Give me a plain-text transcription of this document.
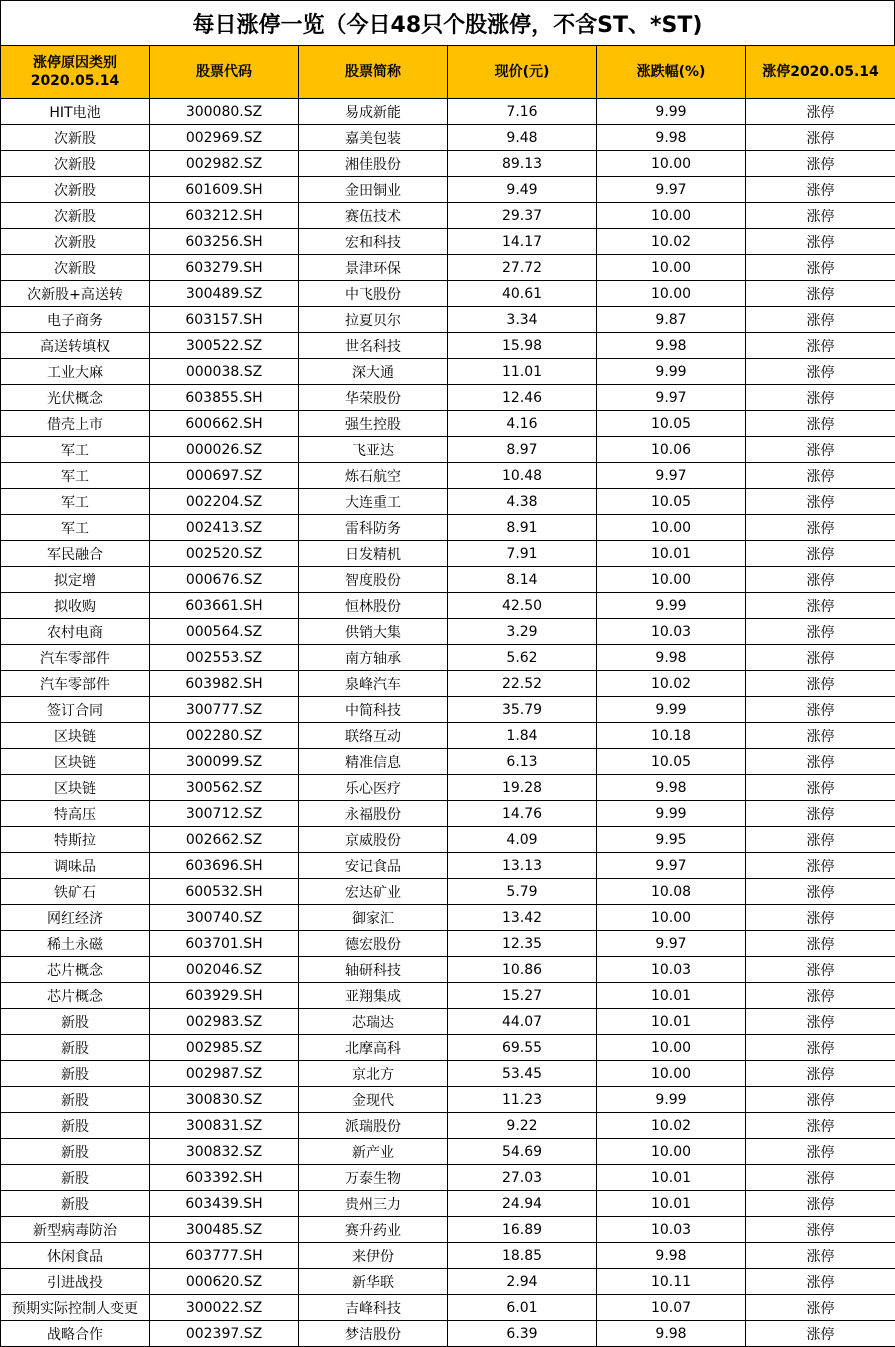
每日涨停一览（今日48只个股涨停，不含ST、*ST)
涨停原因类别
2020.05.14	股票代码	股票简称	现价(元)	涨跌幅(%)	涨停2020.05.14
HIT电池	300080.SZ	易成新能	7.16	9.99	涨停
次新股	002969.SZ	嘉美包装	9.48	9.98	涨停
次新股	002982.SZ	湘佳股份	89.13	10.00	涨停
次新股	601609.SH	金田铜业	9.49	9.97	涨停
次新股	603212.SH	赛伍技术	29.37	10.00	涨停
次新股	603256.SH	宏和科技	14.17	10.02	涨停
次新股	603279.SH	景津环保	27.72	10.00	涨停
次新股+高送转	300489.SZ	中飞股份	40.61	10.00	涨停
电子商务	603157.SH	拉夏贝尔	3.34	9.87	涨停
高送转填权	300522.SZ	世名科技	15.98	9.98	涨停
工业大麻	000038.SZ	深大通	11.01	9.99	涨停
光伏概念	603855.SH	华荣股份	12.46	9.97	涨停
借壳上市	600662.SH	强生控股	4.16	10.05	涨停
军工	000026.SZ	飞亚达	8.97	10.06	涨停
军工	000697.SZ	炼石航空	10.48	9.97	涨停
军工	002204.SZ	大连重工	4.38	10.05	涨停
军工	002413.SZ	雷科防务	8.91	10.00	涨停
军民融合	002520.SZ	日发精机	7.91	10.01	涨停
拟定增	000676.SZ	智度股份	8.14	10.00	涨停
拟收购	603661.SH	恒林股份	42.50	9.99	涨停
农村电商	000564.SZ	供销大集	3.29	10.03	涨停
汽车零部件	002553.SZ	南方轴承	5.62	9.98	涨停
汽车零部件	603982.SH	泉峰汽车	22.52	10.02	涨停
签订合同	300777.SZ	中简科技	35.79	9.99	涨停
区块链	002280.SZ	联络互动	1.84	10.18	涨停
区块链	300099.SZ	精准信息	6.13	10.05	涨停
区块链	300562.SZ	乐心医疗	19.28	9.98	涨停
特高压	300712.SZ	永福股份	14.76	9.99	涨停
特斯拉	002662.SZ	京威股份	4.09	9.95	涨停
调味品	603696.SH	安记食品	13.13	9.97	涨停
铁矿石	600532.SH	宏达矿业	5.79	10.08	涨停
网红经济	300740.SZ	御家汇	13.42	10.00	涨停
稀土永磁	603701.SH	德宏股份	12.35	9.97	涨停
芯片概念	002046.SZ	轴研科技	10.86	10.03	涨停
芯片概念	603929.SH	亚翔集成	15.27	10.01	涨停
新股	002983.SZ	芯瑞达	44.07	10.01	涨停
新股	002985.SZ	北摩高科	69.55	10.00	涨停
新股	002987.SZ	京北方	53.45	10.00	涨停
新股	300830.SZ	金现代	11.23	9.99	涨停
新股	300831.SZ	派瑞股份	9.22	10.02	涨停
新股	300832.SZ	新产业	54.69	10.00	涨停
新股	603392.SH	万泰生物	27.03	10.01	涨停
新股	603439.SH	贵州三力	24.94	10.01	涨停
新型病毒防治	300485.SZ	赛升药业	16.89	10.03	涨停
休闲食品	603777.SH	来伊份	18.85	9.98	涨停
引进战投	000620.SZ	新华联	2.94	10.11	涨停
预期实际控制人变更	300022.SZ	吉峰科技	6.01	10.07	涨停
战略合作	002397.SZ	梦洁股份	6.39	9.98	涨停
